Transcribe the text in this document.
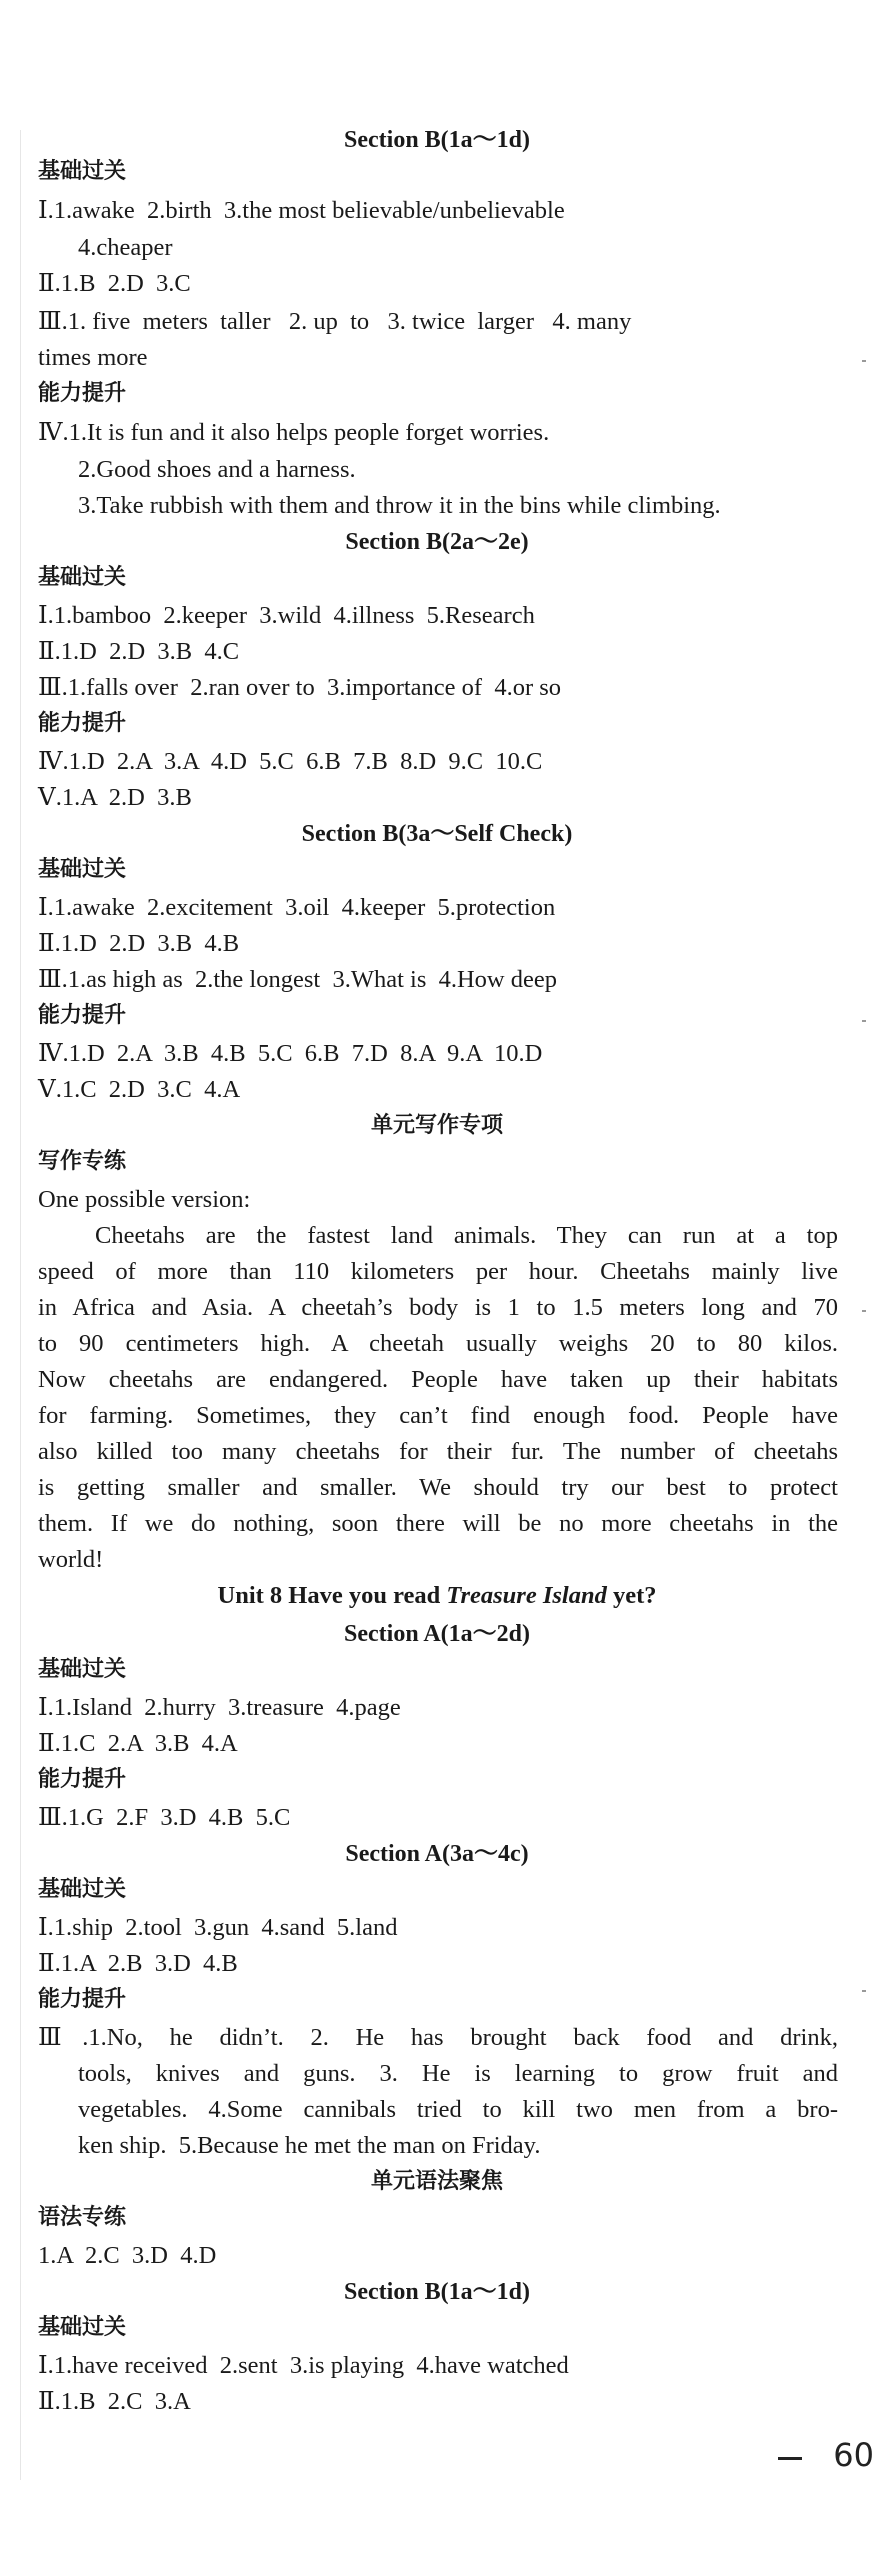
Section B(1a～1d)
基础过关
Ⅰ.1.awake  2.birth  3.the most believable/unbelievable
4.cheaper
Ⅱ.1.B  2.D  3.C
Ⅲ.1. five  meters  taller   2. up  to   3. twice  larger   4. many
times more
能力提升
Ⅳ.1.It is fun and it also helps people forget worries.
2.Good shoes and a harness.
3.Take rubbish with them and throw it in the bins while climbing.
Section B(2a～2e)
基础过关
Ⅰ.1.bamboo  2.keeper  3.wild  4.illness  5.Research
Ⅱ.1.D  2.D  3.B  4.C
Ⅲ.1.falls over  2.ran over to  3.importance of  4.or so
能力提升
Ⅳ.1.D  2.A  3.A  4.D  5.C  6.B  7.B  8.D  9.C  10.C
Ⅴ.1.A  2.D  3.B
Section B(3a～Self Check)
基础过关
Ⅰ.1.awake  2.excitement  3.oil  4.keeper  5.protection
Ⅱ.1.D  2.D  3.B  4.B
Ⅲ.1.as high as  2.the longest  3.What is  4.How deep
能力提升
Ⅳ.1.D  2.A  3.B  4.B  5.C  6.B  7.D  8.A  9.A  10.D
Ⅴ.1.C  2.D  3.C  4.A
单元写作专项
写作专练
One possible version:
Cheetahs are the fastest land animals. They can run at a top
speed of more than 110 kilometers per hour. Cheetahs mainly live
in Africa and Asia. A cheetah’s body is 1 to 1.5 meters long and 70
to 90 centimeters high. A cheetah usually weighs 20 to 80 kilos.
Now cheetahs are endangered. People have taken up their habitats
for farming. Sometimes, they can’t find enough food. People have
also killed too many cheetahs for their fur. The number of cheetahs
is getting smaller and smaller. We should try our best to protect
them. If we do nothing, soon there will be no more cheetahs in the
world!
Unit 8 Have you read Treasure Island yet?
Section A(1a～2d)
基础过关
Ⅰ.1.Island  2.hurry  3.treasure  4.page
Ⅱ.1.C  2.A  3.B  4.A
能力提升
Ⅲ.1.G  2.F  3.D  4.B  5.C
Section A(3a～4c)
基础过关
Ⅰ.1.ship  2.tool  3.gun  4.sand  5.land
Ⅱ.1.A  2.B  3.D  4.B
能力提升
Ⅲ.1.No, he didn’t. 2. He has brought back food and drink,
tools, knives and guns. 3. He is learning to grow fruit and
vegetables. 4.Some cannibals tried to kill two men from a bro-
ken ship.  5.Because he met the man on Friday.
单元语法聚焦
语法专练
1.A  2.C  3.D  4.D
Section B(1a～1d)
基础过关
Ⅰ.1.have received  2.sent  3.is playing  4.have watched
Ⅱ.1.B  2.C  3.A
60
